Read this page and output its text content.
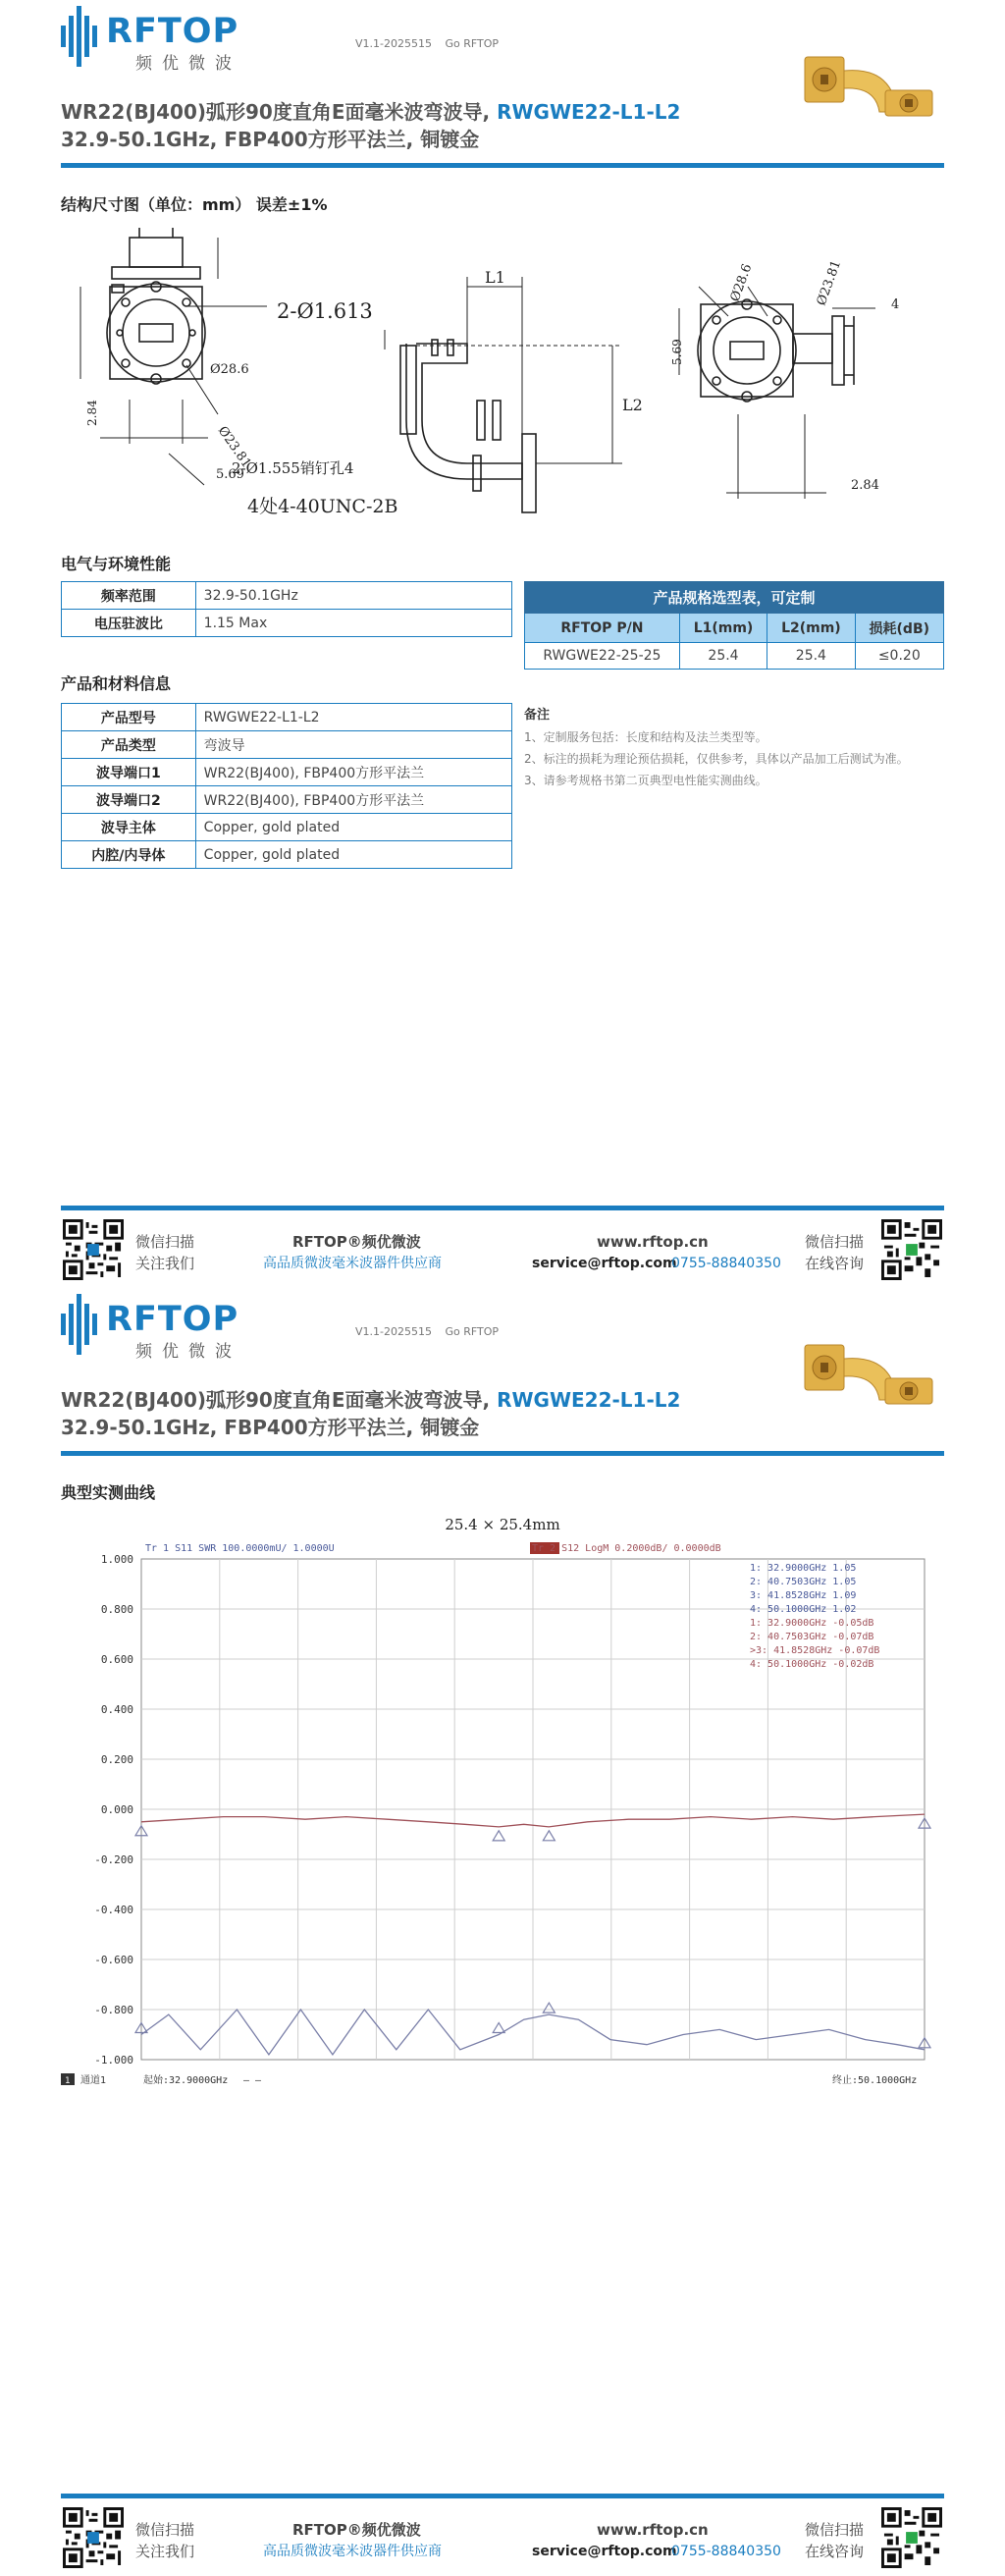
RFTOP
频优微波
V1.1-2025515 Go RFTOP
WR22(BJ400)弧形90度直角E面毫米波弯波导, RWGWE22-L1-L2
32.9-50.1GHz, FBP400方形平法兰, 铜镀金
结构尺寸图（单位：mm） 误差±1%
2-Ø1.613
Ø28.6
Ø23.81
2-Ø1.555销钉孔4
4处4-40UNC-2B
2.84
5.69
L1
L2
5.69
4
2.84
Ø28.6	Ø23.81
电气与环境性能
频率范围	32.9-50.1GHz
电压驻波比	1.15 Max
产品和材料信息
产品型号	RWGWE22-L1-L2
产品类型	弯波导
波导端口1	WR22(BJ400), FBP400方形平法兰
波导端口2	WR22(BJ400), FBP400方形平法兰
波导主体	Copper, gold plated
内腔/内导体	Copper, gold plated
产品规格选型表，可定制			
RFTOP P/N	L1(mm)	L2(mm)	损耗(dB)
RWGWE22-25-25	25.4	25.4	≤0.20
备注
1、定制服务包括：长度和结构及法兰类型等。
2、标注的损耗为理论预估损耗，仅供参考，具体以产品加工后测试为准。
3、请参考规格书第二页典型电性能实测曲线。
微信扫描
关注我们
RFTOP®频优微波
高品质微波毫米波器件供应商
www.rftop.cn
service@rftop.com
0755-88840350
微信扫描
在线咨询
RFTOP
频优微波
V1.1-2025515 Go RFTOP
WR22(BJ400)弧形90度直角E面毫米波弯波导, RWGWE22-L1-L2
32.9-50.1GHz, FBP400方形平法兰, 铜镀金
典型实测曲线
25.4 × 25.4mm
1.000
0.800
0.600
0.400
0.200
0.000
-0.200
-0.400
-0.600
-0.800
-1.000
Tr 1 S11 SWR 100.0000mU/ 1.0000U	Tr 2 S12 LogM 0.2000dB/ 0.0000dB
1: 32.9000GHz 1.05
2: 40.7503GHz 1.05
3: 41.8528GHz 1.09
4: 50.1000GHz 1.02
1: 32.9000GHz -0.05dB
2: 40.7503GHz -0.07dB
>3: 41.8528GHz -0.07dB
4: 50.1000GHz -0.02dB
1 通道1	起始:32.9000GHz — —	终止:50.1000GHz
微信扫描
关注我们
RFTOP®频优微波
高品质微波毫米波器件供应商
www.rftop.cn
service@rftop.com
0755-88840350
微信扫描
在线咨询
